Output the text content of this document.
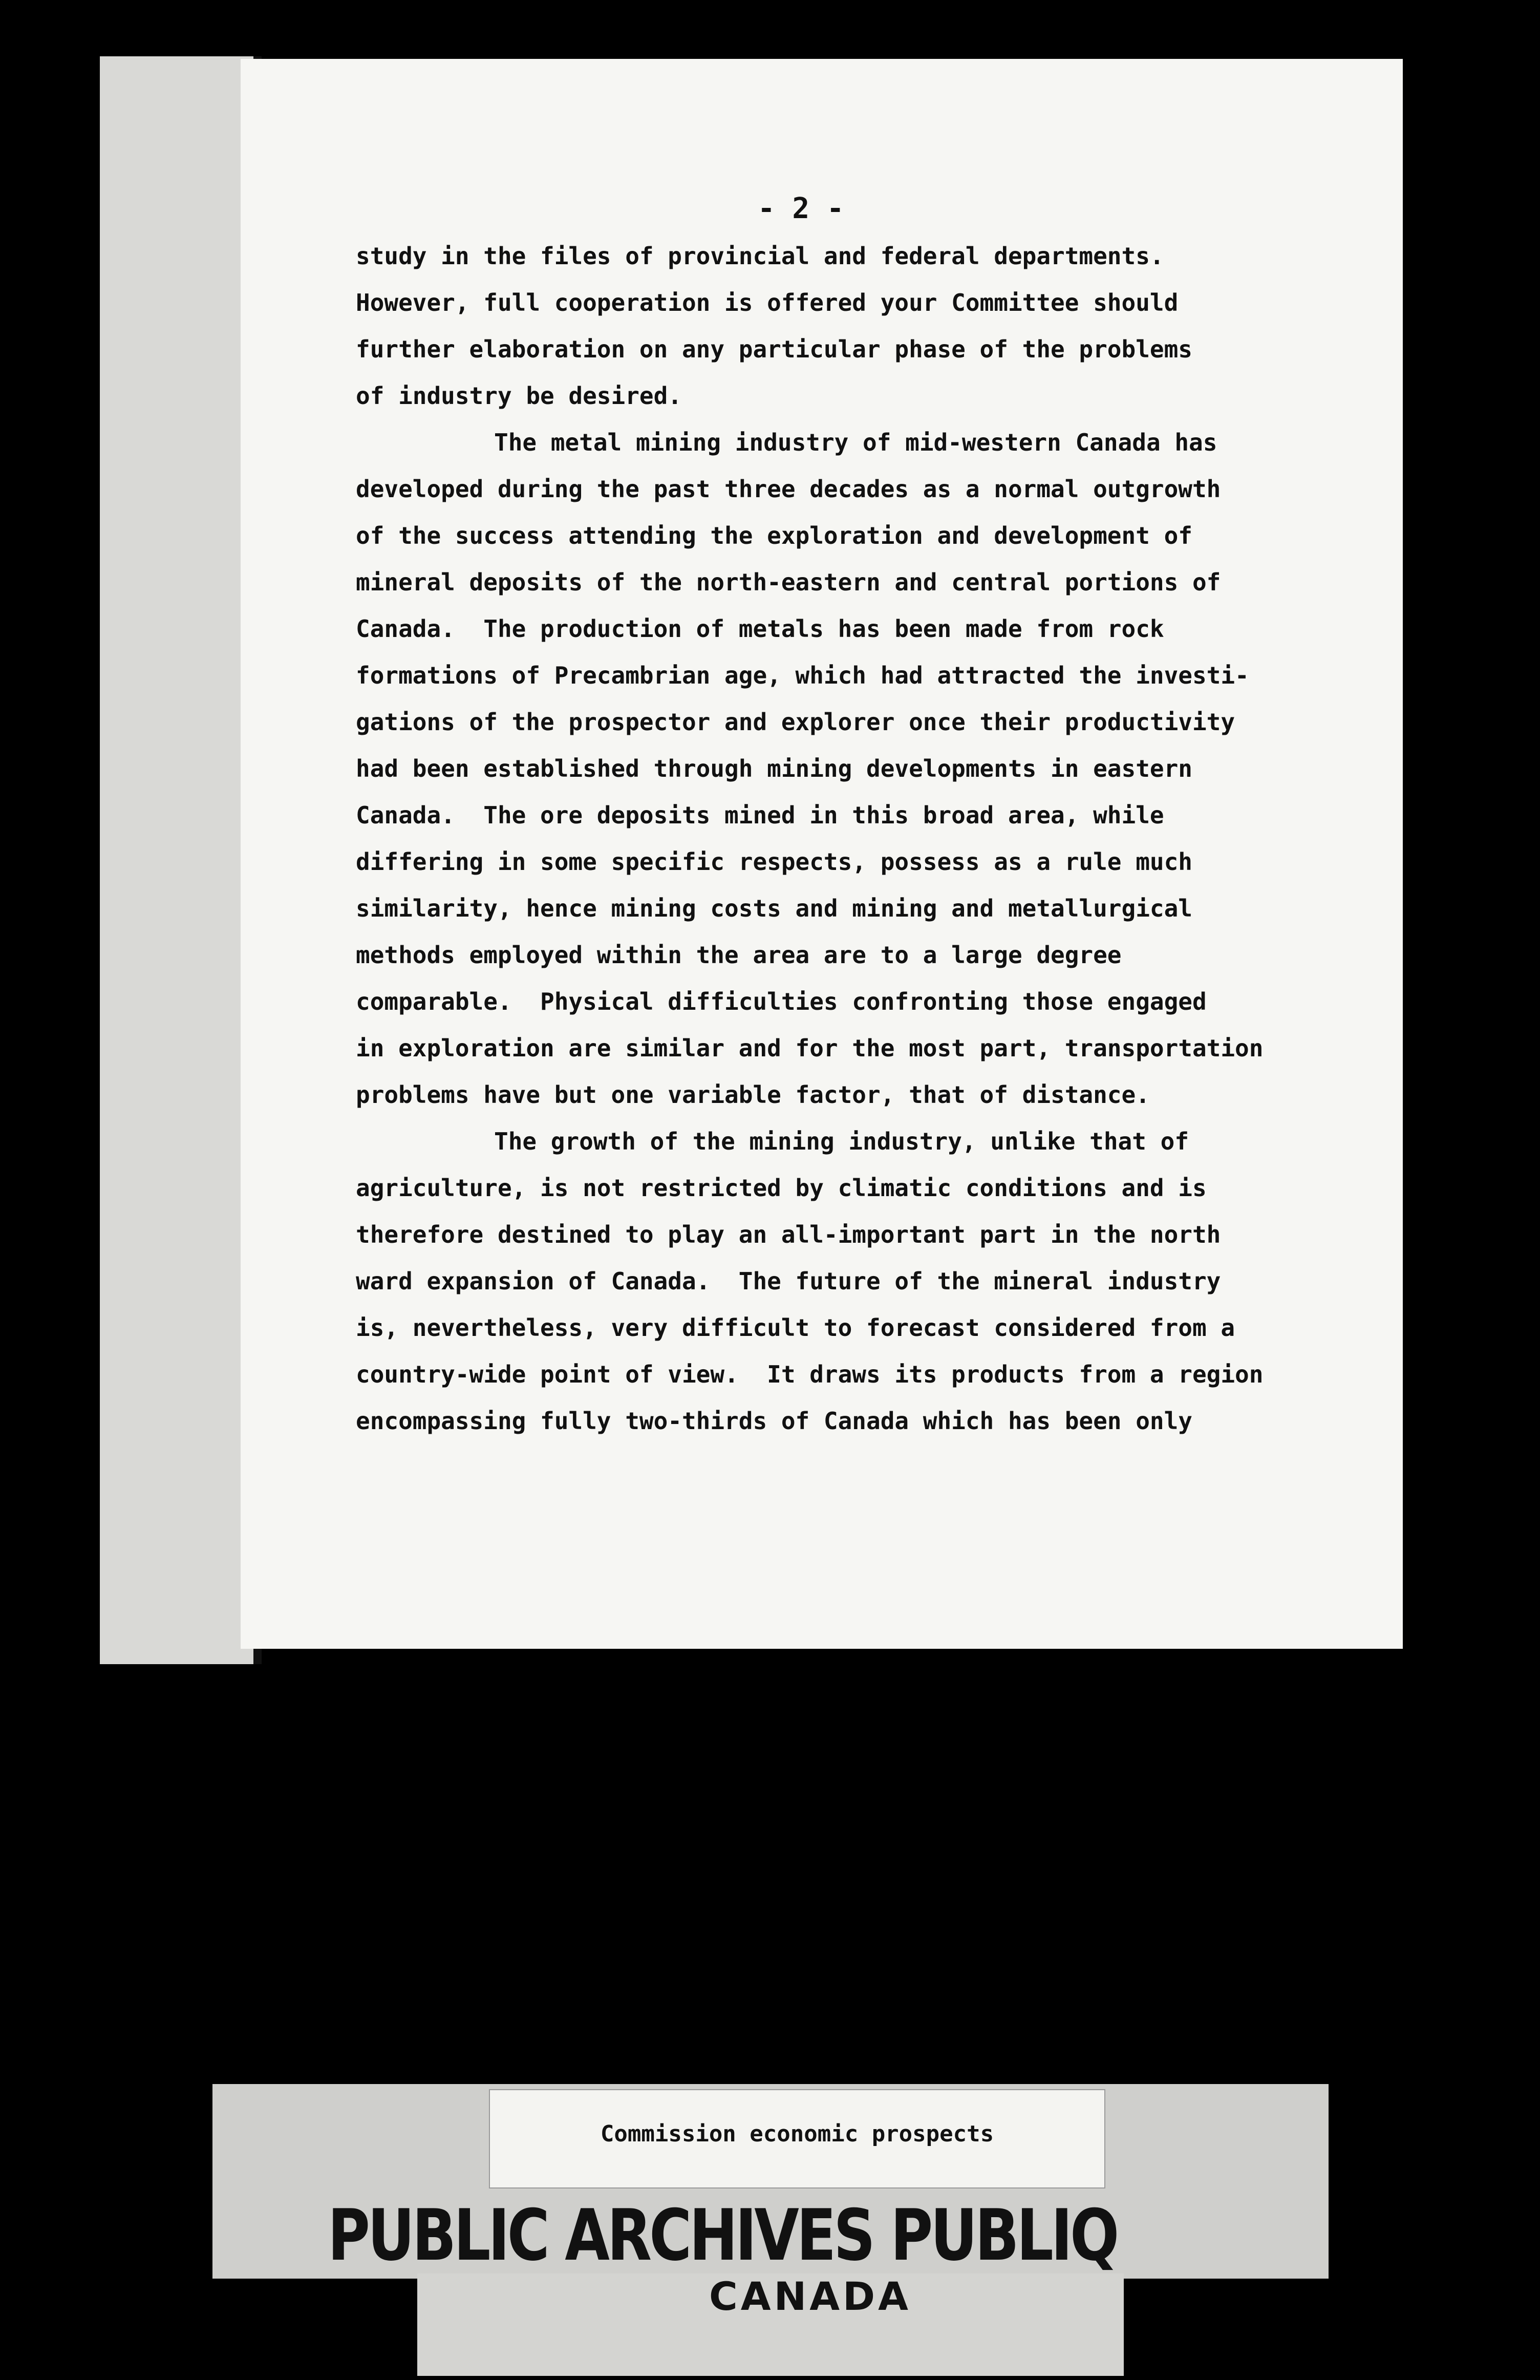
- 2 -
study in the files of provincial and federal departments.
However, full cooperation is offered your Committee should
further elaboration on any particular phase of the problems
of industry be desired.
The metal mining industry of mid-western Canada has
developed during the past three decades as a normal outgrowth
of the success attending the exploration and development of
mineral deposits of the north-eastern and central portions of
Canada.  The production of metals has been made from rock
formations of Precambrian age, which had attracted the investi-
gations of the prospector and explorer once their productivity
had been established through mining developments in eastern
Canada.  The ore deposits mined in this broad area, while
differing in some specific respects, possess as a rule much
similarity, hence mining costs and mining and metallurgical
methods employed within the area are to a large degree
comparable.  Physical difficulties confronting those engaged
in exploration are similar and for the most part, transportation
problems have but one variable factor, that of distance.
The growth of the mining industry, unlike that of
agriculture, is not restricted by climatic conditions and is
therefore destined to play an all-important part in the north
ward expansion of Canada.  The future of the mineral industry
is, nevertheless, very difficult to forecast considered from a
country-wide point of view.  It draws its products from a region
encompassing fully two-thirds of Canada which has been only
Commission economic prospects
PUBLIC ARCHIVES PUBLIQ
CANADA
